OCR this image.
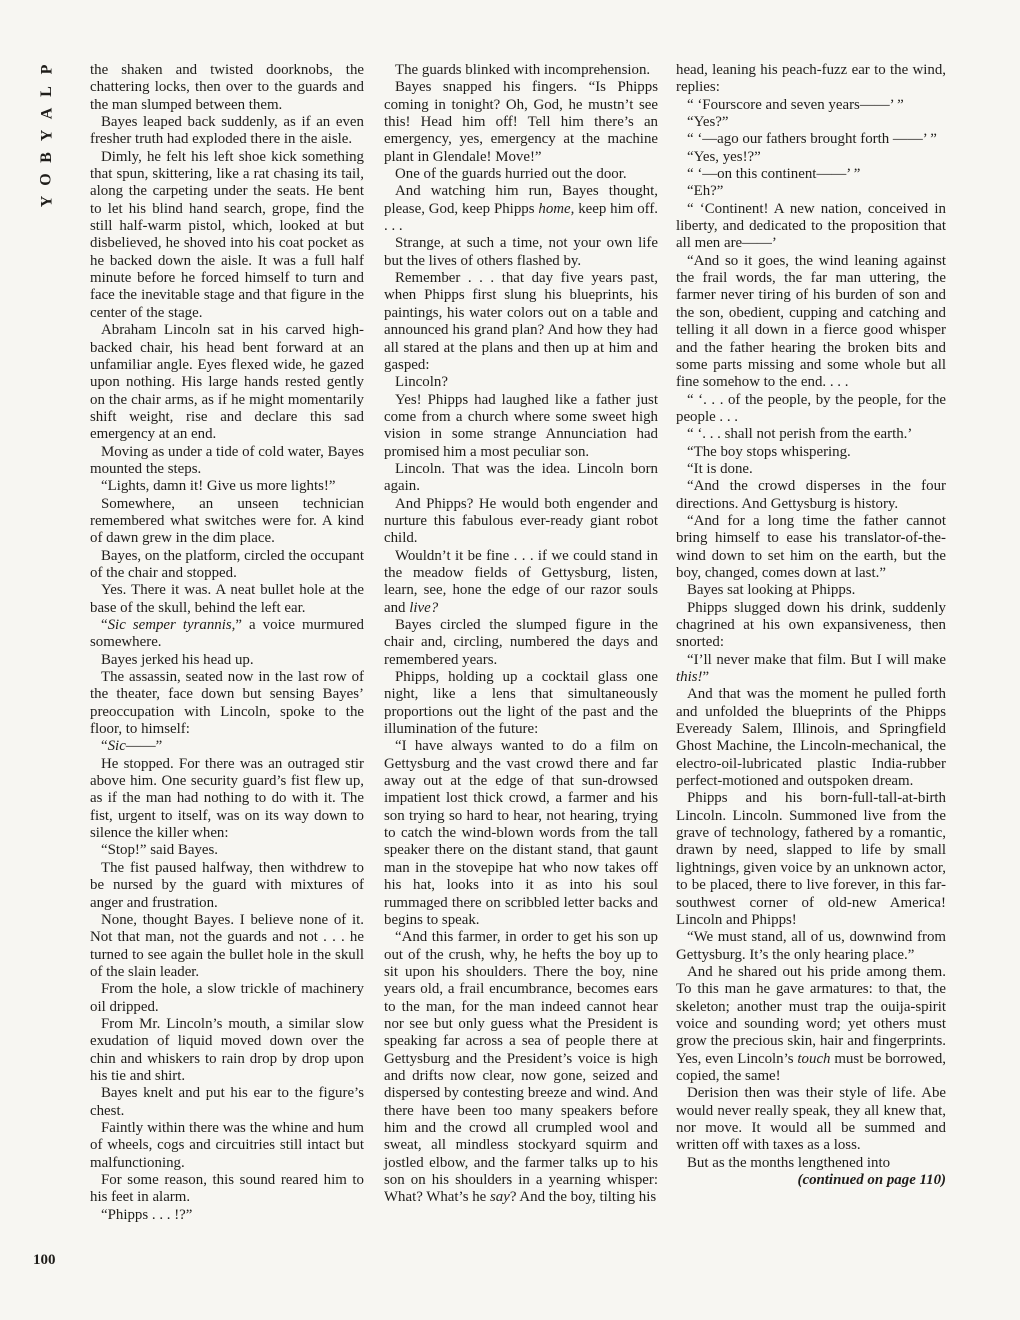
P
L
A
Y
B
O
Y

the shaken and twisted doorknobs, the chattering locks, then over to the guards and the man slumped between them.

Bayes leaped back suddenly, as if an even fresher truth had exploded there in the aisle.

Dimly, he felt his left shoe kick something that spun, skittering, like a rat chasing its tail, along the carpeting under the seats. He bent to let his blind hand search, grope, find the still half-warm pistol, which, looked at but disbelieved, he shoved into his coat pocket as he backed down the aisle. It was a full half minute before he forced himself to turn and face the inevitable stage and that figure in the center of the stage.

Abraham Lincoln sat in his carved high-backed chair, his head bent forward at an unfamiliar angle. Eyes flexed wide, he gazed upon nothing. His large hands rested gently on the chair arms, as if he might momentarily shift weight, rise and declare this sad emergency at an end.

Moving as under a tide of cold water, Bayes mounted the steps.

“Lights, damn it! Give us more lights!”

Somewhere, an unseen technician remembered what switches were for. A kind of dawn grew in the dim place.

Bayes, on the platform, circled the occupant of the chair and stopped.

Yes. There it was. A neat bullet hole at the base of the skull, behind the left ear.

“Sic semper tyrannis,” a voice murmured somewhere.

Bayes jerked his head up.

The assassin, seated now in the last row of the theater, face down but sensing Bayes’ preoccupation with Lincoln, spoke to the floor, to himself:

“Sic——”

He stopped. For there was an outraged stir above him. One security guard’s fist flew up, as if the man had nothing to do with it. The fist, urgent to itself, was on its way down to silence the killer when:

“Stop!” said Bayes.

The fist paused halfway, then withdrew to be nursed by the guard with mixtures of anger and frustration.

None, thought Bayes. I believe none of it. Not that man, not the guards and not . . . he turned to see again the bullet hole in the skull of the slain leader.

From the hole, a slow trickle of machinery oil dripped.

From Mr. Lincoln’s mouth, a similar slow exudation of liquid moved down over the chin and whiskers to rain drop by drop upon his tie and shirt.

Bayes knelt and put his ear to the figure’s chest.

Faintly within there was the whine and hum of wheels, cogs and circuitries still intact but malfunctioning.

For some reason, this sound reared him to his feet in alarm.

“Phipps . . . !?”

The guards blinked with incomprehension.

Bayes snapped his fingers. “Is Phipps coming in tonight? Oh, God, he mustn’t see this! Head him off! Tell him there’s an emergency, yes, emergency at the machine plant in Glendale! Move!”

One of the guards hurried out the door.

And watching him run, Bayes thought, please, God, keep Phipps home, keep him off. . . .

Strange, at such a time, not your own life but the lives of others flashed by.

Remember . . . that day five years past, when Phipps first slung his blueprints, his paintings, his water colors out on a table and announced his grand plan? And how they had all stared at the plans and then up at him and gasped:

Lincoln?

Yes! Phipps had laughed like a father just come from a church where some sweet high vision in some strange Annunciation had promised him a most peculiar son.

Lincoln. That was the idea. Lincoln born again.

And Phipps? He would both engender and nurture this fabulous ever-ready giant robot child.

Wouldn’t it be fine . . . if we could stand in the meadow fields of Gettysburg, listen, learn, see, hone the edge of our razor souls and live?

Bayes circled the slumped figure in the chair and, circling, numbered the days and remembered years.

Phipps, holding up a cocktail glass one night, like a lens that simultaneously proportions out the light of the past and the illumination of the future:

“I have always wanted to do a film on Gettysburg and the vast crowd there and far away out at the edge of that sun-drowsed impatient lost thick crowd, a farmer and his son trying so hard to hear, not hearing, trying to catch the wind-blown words from the tall speaker there on the distant stand, that gaunt man in the stovepipe hat who now takes off his hat, looks into it as into his soul rummaged there on scribbled letter backs and begins to speak.

“And this farmer, in order to get his son up out of the crush, why, he hefts the boy up to sit upon his shoulders. There the boy, nine years old, a frail encumbrance, becomes ears to the man, for the man indeed cannot hear nor see but only guess what the President is speaking far across a sea of people there at Gettysburg and the President’s voice is high and drifts now clear, now gone, seized and dispersed by contesting breeze and wind. And there have been too many speakers before him and the crowd all crumpled wool and sweat, all mindless stockyard squirm and jostled elbow, and the farmer talks up to his son on his shoulders in a yearning whisper: What? What’s he say? And the boy, tilting his

head, leaning his peach-fuzz ear to the wind, replies:

“ ‘Fourscore and seven years——’ ”

“Yes?”

“ ‘—ago our fathers brought forth ——’ ”

“Yes, yes!?”

“ ‘—on this continent——’ ”

“Eh?”

“ ‘Continent! A new nation, conceived in liberty, and dedicated to the proposition that all men are——’

“And so it goes, the wind leaning against the frail words, the far man uttering, the farmer never tiring of his burden of son and the son, obedient, cupping and catching and telling it all down in a fierce good whisper and the father hearing the broken bits and some parts missing and some whole but all fine somehow to the end. . . .

“ ‘. . . of the people, by the people, for the people . . .

“ ‘. . . shall not perish from the earth.’

“The boy stops whispering.

“It is done.

“And the crowd disperses in the four directions. And Gettysburg is history.

“And for a long time the father cannot bring himself to ease his translator-of-the-wind down to set him on the earth, but the boy, changed, comes down at last.”

Bayes sat looking at Phipps.

Phipps slugged down his drink, suddenly chagrined at his own expansiveness, then snorted:

“I’ll never make that film. But I will make this!”

And that was the moment he pulled forth and unfolded the blueprints of the Phipps Eveready Salem, Illinois, and Springfield Ghost Machine, the Lincoln-mechanical, the electro-oil-lubricated plastic India-rubber perfect-motioned and outspoken dream.

Phipps and his born-full-tall-at-birth Lincoln. Lincoln. Summoned live from the grave of technology, fathered by a romantic, drawn by need, slapped to life by small lightnings, given voice by an unknown actor, to be placed, there to live forever, in this far-southwest corner of old-new America! Lincoln and Phipps!

“We must stand, all of us, downwind from Gettysburg. It’s the only hearing place.”

And he shared out his pride among them. To this man he gave armatures: to that, the skeleton; another must trap the ouija-spirit voice and sounding word; yet others must grow the precious skin, hair and fingerprints. Yes, even Lincoln’s touch must be borrowed, copied, the same!

Derision then was their style of life. Abe would never really speak, they all knew that, nor move. It would all be summed and written off with taxes as a loss.

But as the months lengthened into

(continued on page 110)
100
